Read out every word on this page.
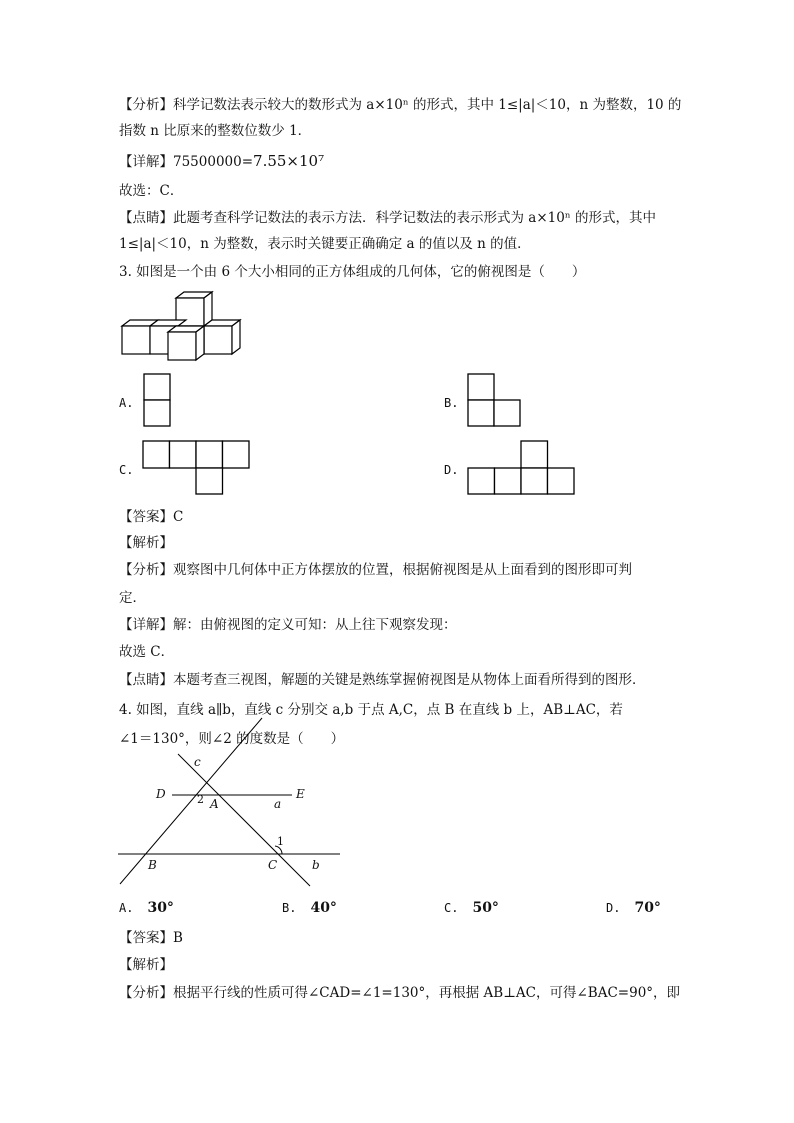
【分析】科学记数法表示较大的数形式为 a×10ⁿ 的形式，其中 1≤|a|＜10，n 为整数，10 的
指数 n 比原来的整数位数少 1．
【详解】75500000=7.55×10⁷
故选：C．
【点睛】此题考查科学记数法的表示方法．科学记数法的表示形式为 a×10ⁿ 的形式，其中
1≤|a|＜10，n 为整数，表示时关键要正确确定 a 的值以及 n 的值．
3. 如图是一个由 6 个大小相同的正方体组成的几何体，它的俯视图是（　　）
A.	B.
C.	D.
【答案】C
【解析】
【分析】观察图中几何体中正方体摆放的位置，根据俯视图是从上面看到的图形即可判
定．
【详解】解：由俯视图的定义可知：从上往下观察发现：
故选 C．
【点睛】本题考查三视图，解题的关键是熟练掌握俯视图是从物体上面看所得到的图形．
4. 如图，直线 a∥b，直线 c 分别交 a,b 于点 A,C，点 B 在直线 b 上，AB⊥AC，若
∠1＝130°，则∠2 的度数是（　　）
c
D	2 A	a
E
1
B	C	b
A. 30°	B. 40°	C. 50°	D. 70°
【答案】B
【解析】
【分析】根据平行线的性质可得∠CAD=∠1=130°，再根据 AB⊥AC，可得∠BAC=90°，即
